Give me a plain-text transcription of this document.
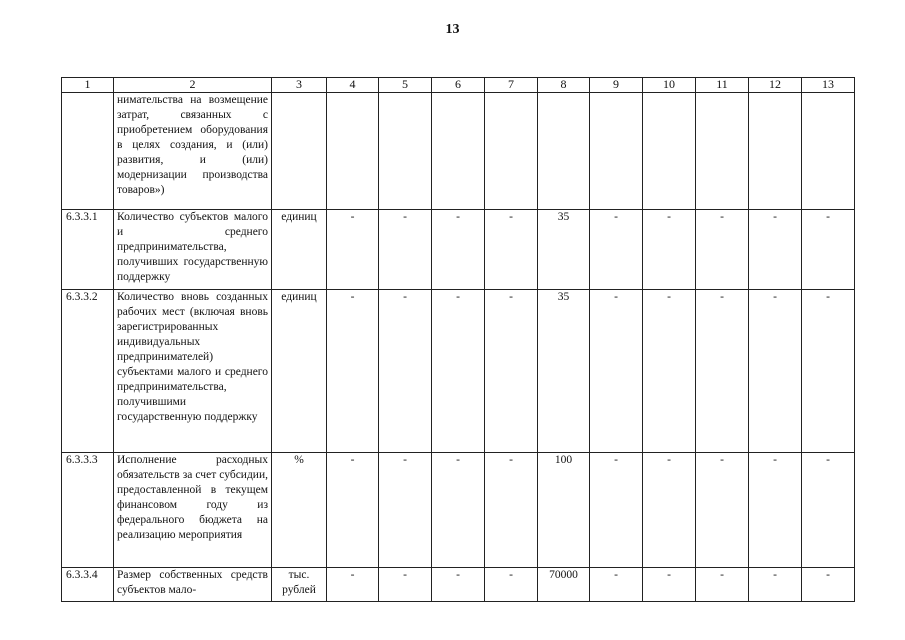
13
1	2	3	4	5	6	7	8	9	10	11	12	13
	нимательства на возмещение затрат, связанных с приобретением оборудования в целях создания, и (или) развития, и (или) модернизации производства товаров»)											
6.3.3.1	Количество субъектов малого и среднего предпринимательства, получивших государственную поддержку	единиц	-	-	-	-	35	-	-	-	-	-
6.3.3.2	Количество вновь созданных рабочих мест (включая вновь зарегистрированных индивидуальных предпринимателей) субъектами малого и среднего предпринимательства, получившими государственную поддержку	единиц	-	-	-	-	35	-	-	-	-	-
6.3.3.3	Исполнение расходных обязательств за счет субсидии, предоставленной в текущем финансовом году из федерального бюджета на реализацию мероприятия	%	-	-	-	-	100	-	-	-	-	-
6.3.3.4	Размер собственных средств субъектов мало-	тыс. рублей	-	-	-	-	70000	-	-	-	-	-
